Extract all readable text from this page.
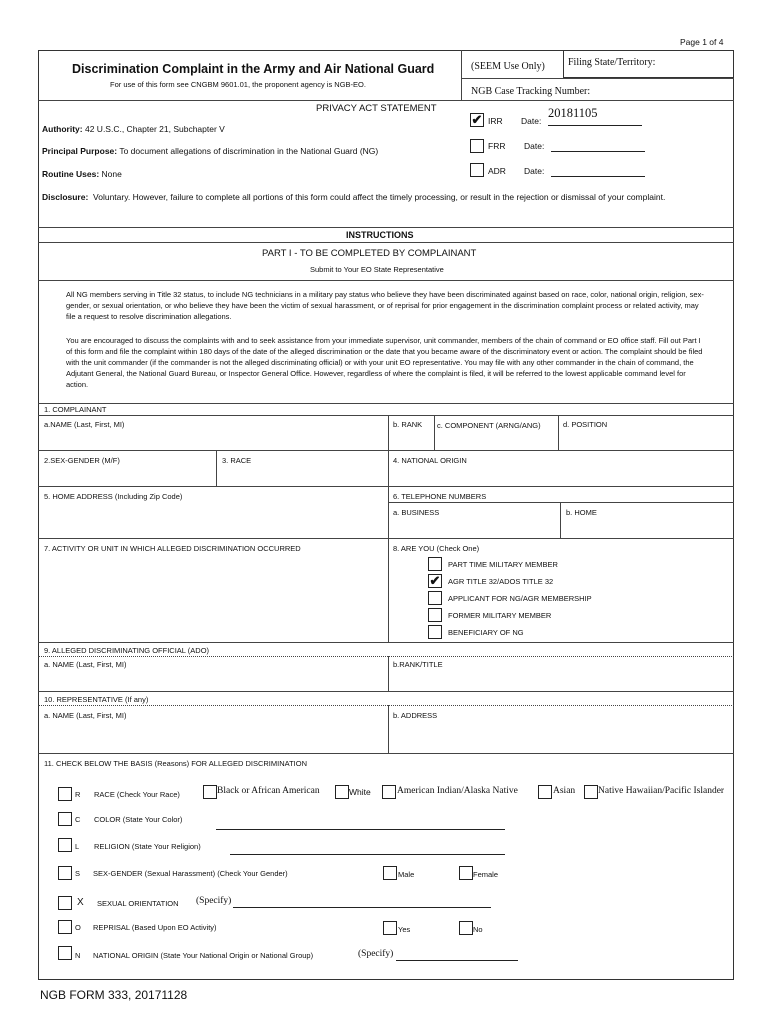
Page 1 of 4
Discrimination Complaint in the Army and Air National Guard
For use of this form see CNGBM 9601.01, the proponent agency is NGB-EO.
(SEEM Use Only) Filing State/Territory:
NGB Case Tracking Number:
PRIVACY ACT STATEMENT
Authority: 42 U.S.C., Chapter 21, Subchapter V
Principal Purpose: To document allegations of discrimination in the National Guard (NG)
Routine Uses: None
Disclosure: Voluntary. However, failure to complete all portions of this form could affect the timely processing, or result in the rejection or dismissal of your complaint.
✔ IRR Date:
20181105
FRR Date:
ADR Date:
INSTRUCTIONS
PART I - TO BE COMPLETED BY COMPLAINANT
Submit to Your EO State Representative
All NG members serving in Title 32 status, to include NG technicians in a military pay status who believe they have been discriminated against based on race, color, national origin, religion, sex-gender, or sexual orientation, or who believe they have been the victim of sexual harassment, or of reprisal for prior engagement in the discrimination complaint process or related activity, may file a request to resolve discrimination allegations.
You are encouraged to discuss the complaints with and to seek assistance from your immediate supervisor, unit commander, members of the chain of command or EO office staff. Fill out Part I of this form and file the complaint within 180 days of the date of the alleged discrimination or the date that you became aware of the discriminatory event or action. The complaint should be filed with the unit commander (if the commander is not the alleged discriminating official) or with your unit EO representative. You may file with any other commander in the chain of command, the Adjutant General, the National Guard Bureau, or Inspector General Office. However, regardless of where the complaint is filed, it will be referred to the lowest applicable command level for action.
1. COMPLAINANT
a.NAME (Last, First, MI)	b. RANK c. COMPONENT (ARNG/ANG)	d. POSITION
2.SEX-GENDER (M/F)	3. RACE	4. NATIONAL ORIGIN
5. HOME ADDRESS (Including Zip Code)	6. TELEPHONE NUMBERS
a. BUSINESS	b. HOME
7. ACTIVITY OR UNIT IN WHICH ALLEGED DISCRIMINATION OCCURRED	8. ARE YOU (Check One)
PART TIME MILITARY MEMBER
✔ AGR TITLE 32/ADOS TITLE 32
APPLICANT FOR NG/AGR MEMBERSHIP
FORMER MILITARY MEMBER
BENEFICIARY OF NG
9. ALLEGED DISCRIMINATING OFFICIAL (ADO)
a. NAME (Last, First, MI)	b.RANK/TITLE
10. REPRESENTATIVE (If any)
a. NAME (Last, First, MI)	b. ADDRESS
11. CHECK BELOW THE BASIS (Reasons) FOR ALLEGED DISCRIMINATION
R RACE (Check Your Race)	Black or African American	White	American Indian/Alaska Native	Asian Native Hawaiian/Pacific Islander
C COLOR (State Your Color)
L RELIGION (State Your Religion)
S SEX-GENDER (Sexual Harassment) (Check Your Gender)	Male	Female
X SEXUAL ORIENTATION (Specify)
O REPRISAL (Based Upon EO Activity)	Yes	No
N NATIONAL ORIGIN (State Your National Origin or National Group)	(Specify)
NGB FORM 333, 20171128
